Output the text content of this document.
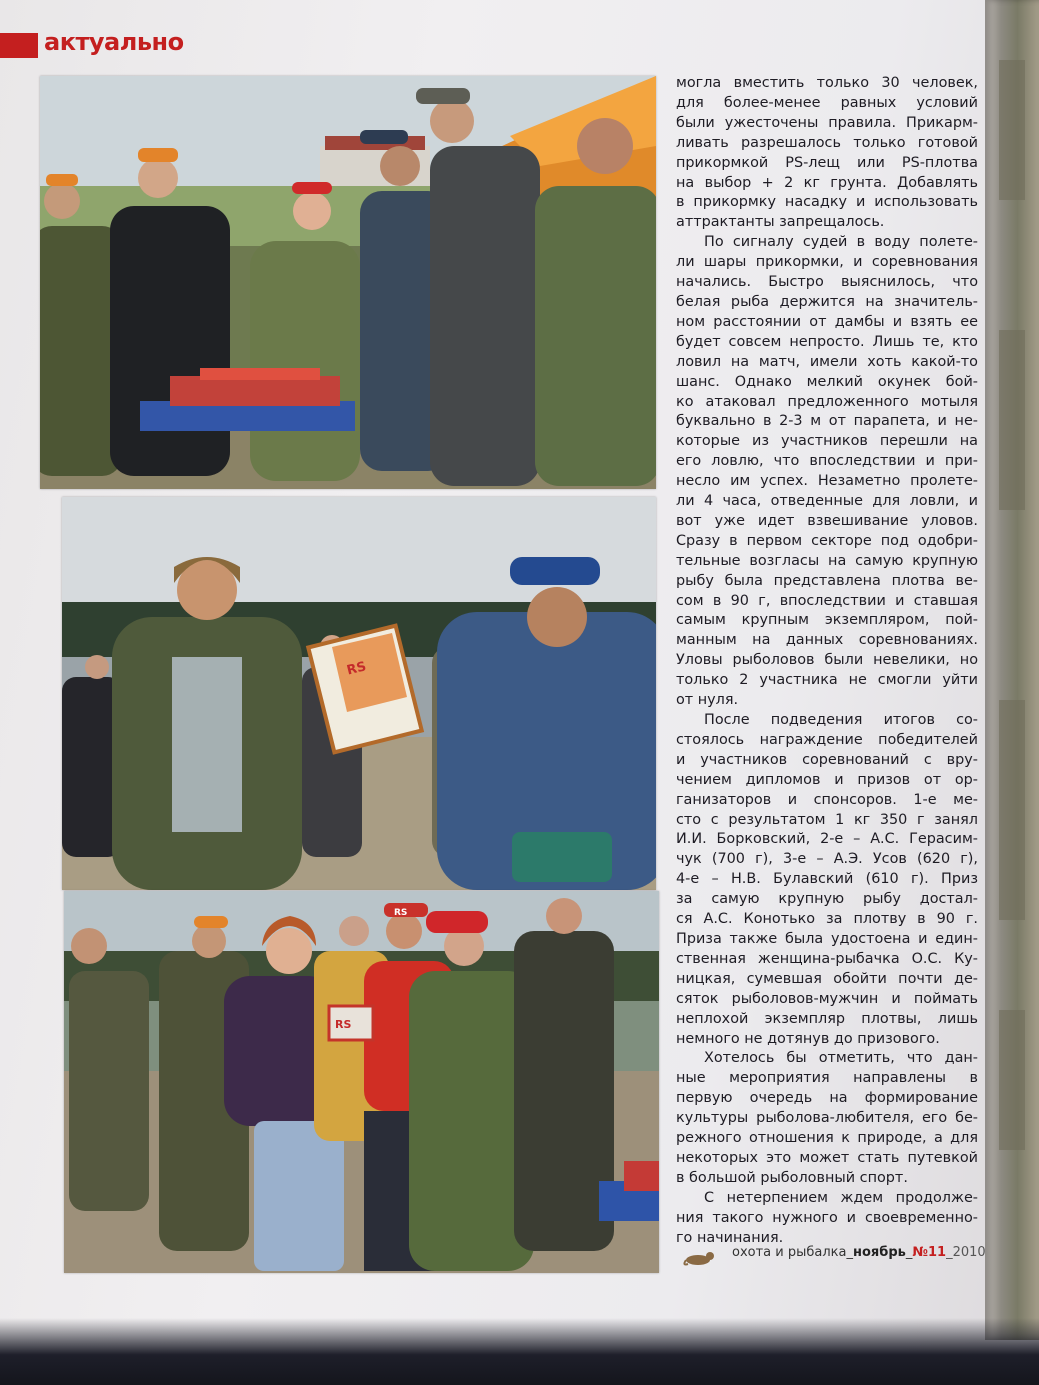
актуально
RS
RS
RS

могла вместить только 30 человек,
для более-менее равных условий
были ужесточены правила. Прикарм-
ливать разрешалось только готовой
прикормкой PS-лещ или PS-плотва
на выбор + 2 кг грунта. Добавлять
в прикормку насадку и использовать
аттрактанты запрещалось.

По сигналу судей в воду полете-
ли шары прикормки, и соревнования
начались. Быстро выяснилось, что
белая рыба держится на значитель-
ном расстоянии от дамбы и взять ее
будет совсем непросто. Лишь те, кто
ловил на матч, имели хоть какой-то
шанс. Однако мелкий окунек бой-
ко атаковал предложенного мотыля
буквально в 2-3 м от парапета, и не-
которые из участников перешли на
его ловлю, что впоследствии и при-
несло им успех. Незаметно пролете-
ли 4 часа, отведенные для ловли, и
вот уже идет взвешивание уловов.
Сразу в первом секторе под одобри-
тельные возгласы на самую крупную
рыбу была представлена плотва ве-
сом в 90 г, впоследствии и ставшая
самым крупным экземпляром, пой-
манным на данных соревнованиях.
Уловы рыболовов были невелики, но
только 2 участника не смогли уйти
от нуля.

После подведения итогов со-
стоялось награждение победителей
и участников соревнований с вру-
чением дипломов и призов от ор-
ганизаторов и спонсоров. 1-е ме-
сто с результатом 1 кг 350 г занял
И.И. Борковский, 2-е – А.С. Герасим-
чук (700 г), 3-е – А.Э. Усов (620 г),
4-е – Н.В. Булавский (610 г). Приз
за самую крупную рыбу достал-
ся А.С. Конотько за плотву в 90 г.
Приза также была удостоена и един-
ственная женщина-рыбачка О.С. Ку-
ницкая, сумевшая обойти почти де-
сяток рыболовов-мужчин и поймать
неплохой экземпляр плотвы, лишь
немного не дотянув до призового.

Хотелось бы отметить, что дан-
ные мероприятия направлены в
первую очередь на формирование
культуры рыболова-любителя, его бе-
режного отношения к природе, а для
некоторых это может стать путевкой
в большой рыболовный спорт.

С нетерпением ждем продолже-
ния такого нужного и своевременно-
го начинания.

охота и рыбалка_ноябрь_№11_2010
